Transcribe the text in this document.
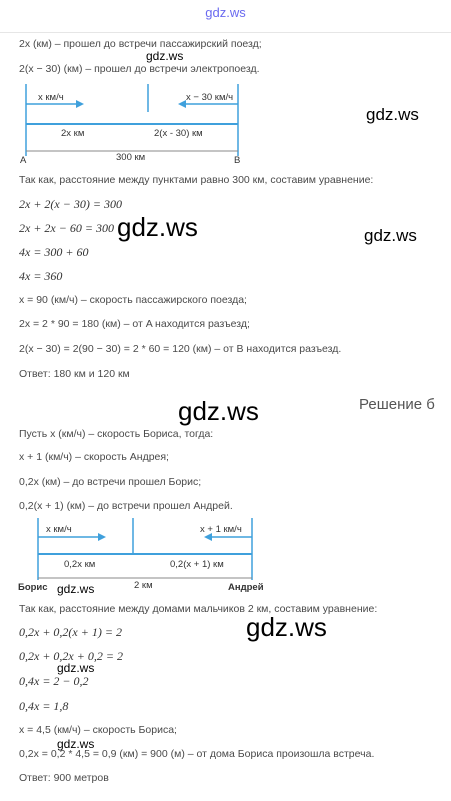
gdz.ws
2x (км) – прошел до встречи пассажирский поезд;
2(x − 30) (км) – прошел до встречи электропоезд.
x км/ч	x − 30 км/ч
2x км	2(x - 30) км
300 км
A	B
Так как, расстояние между пунктами равно 300 км, составим уравнение:
2x + 2(x − 30) = 300
2x + 2x − 60 = 300
4x = 300 + 60
4x = 360
x = 90 (км/ч) – скорость пассажирского поезда;
2x = 2 * 90 = 180 (км) – от A находится разъезд;
2(x − 30) = 2(90 − 30) = 2 * 60 = 120 (км) – от B находится разъезд.
Ответ: 180 км и 120 км
Решение б
Пусть x (км/ч) – скорость Бориса, тогда:
x + 1 (км/ч) – скорость Андрея;
0,2x (км) – до встречи прошел Борис;
0,2(x + 1) (км) – до встречи прошел Андрей.
x км/ч	x + 1 км/ч
0,2x км	0,2(x + 1) км
2 км
Борис	Андрей
Так как, расстояние между домами мальчиков 2 км, составим уравнение:
0,2x + 0,2(x + 1) = 2
0,2x + 0,2x + 0,2 = 2
0,4x = 2 − 0,2
0,4x = 1,8
x = 4,5 (км/ч) – скорость Бориса;
0,2x = 0,2 * 4,5 = 0,9 (км) = 900 (м) – от дома Бориса произошла встреча.
Ответ: 900 метров
gdz.ws
gdz.ws
gdz.ws	gdz.ws
gdz.ws
gdz.ws
gdz.ws
gdz.ws
gdz.ws
